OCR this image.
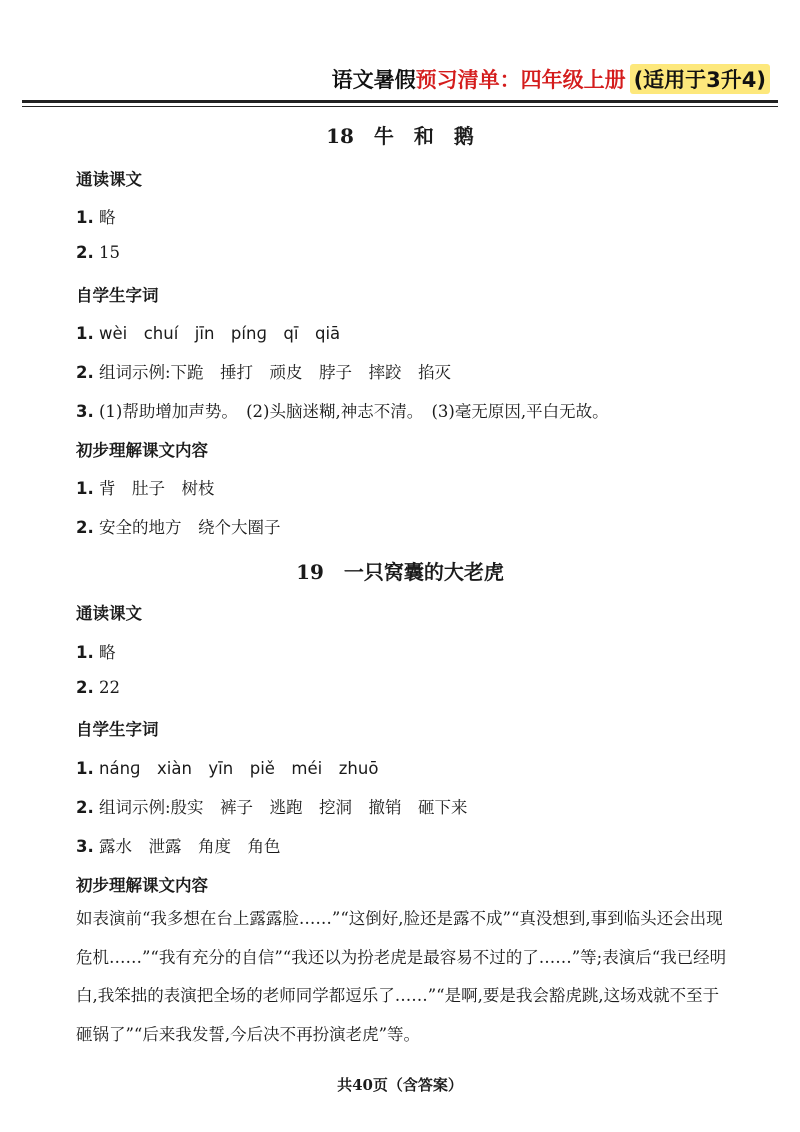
语文暑假 预习清单：四年级上册 (适用于3升4)
18　牛　和　鹅
通读课文
1. 略
2. 15
自学生字词
1. wèi　chuí　jīn　pínɡ　qī　qiā
2. 组词示例:下跪　捶打　顽皮　脖子　摔跤　掐灭
3. (1)帮助增加声势。　(2)头脑迷糊,神志不清。　(3)毫无原因,平白无故。
初步理解课文内容
1. 背　肚子　树枝
2. 安全的地方　绕个大圈子
19　一只窝囊的大老虎
通读课文
1. 略
2. 22
自学生字词
1. nánɡ　xiàn　yīn　piě　méi　zhuō
2. 组词示例:殷实　裤子　逃跑　挖洞　撤销　砸下来
3. 露水　泄露　角度　角色
初步理解课文内容
如表演前“我多想在台上露露脸……”“这倒好,脸还是露不成”“真没想到,事到临头还会出现危机……”“我有充分的自信”“我还以为扮老虎是最容易不过的了……”等;表演后“我已经明白,我笨拙的表演把全场的老师同学都逗乐了……”“是啊,要是我会豁虎跳,这场戏就不至于砸锅了”“后来我发誓,今后决不再扮演老虎”等。
共40页（含答案）
